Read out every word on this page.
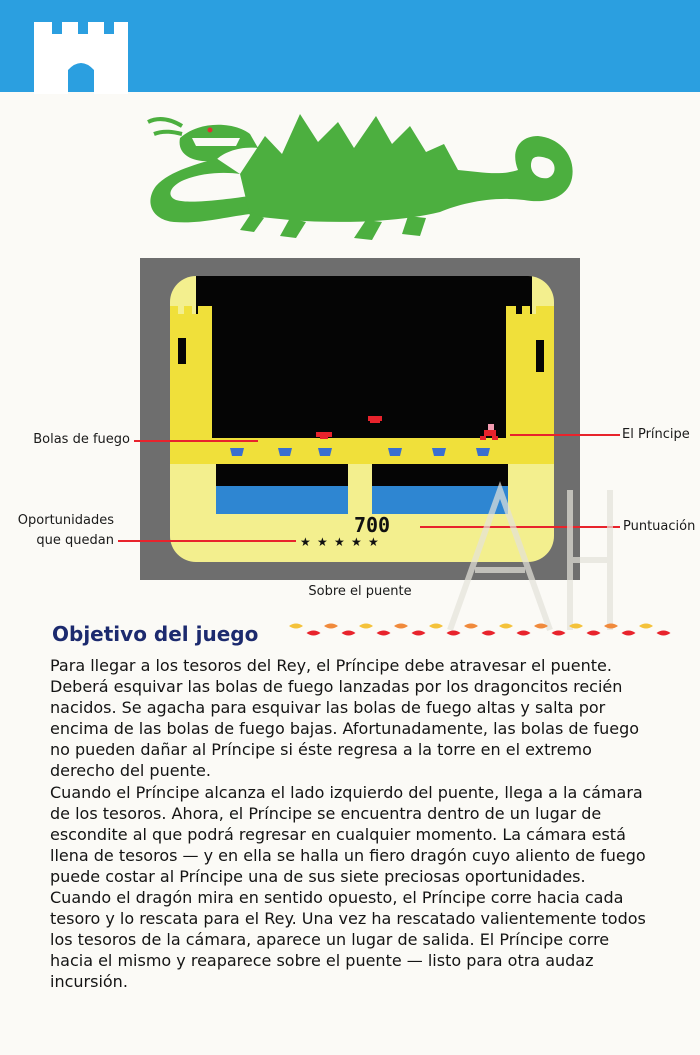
700
★ ★ ★ ★ ★
Bolas de fuego	El Príncipe
Oportunidades
que quedan
Puntuación
Sobre el puente
Objetivo del juego

Para llegar a los tesoros del Rey, el Príncipe debe atravesar el puente. Deberá esquivar las bolas de fuego lanzadas por los dragoncitos recién nacidos. Se agacha para esquivar las bolas de fuego altas y salta por encima de las bolas de fuego bajas. Afortunadamente, las bolas de fuego no pueden dañar al Príncipe si éste regresa a la torre en el extremo derecho del puente.

Cuando el Príncipe alcanza el lado izquierdo del puente, llega a la cámara de los tesoros. Ahora, el Príncipe se encuentra dentro de un lugar de escondite al que podrá regresar en cualquier momento. La cámara está llena de tesoros — y en ella se halla un fiero dragón cuyo aliento de fuego puede costar al Príncipe una de sus siete preciosas oportunidades.

Cuando el dragón mira en sentido opuesto, el Príncipe corre hacia cada tesoro y lo rescata para el Rey. Una vez ha rescatado valientemente todos los tesoros de la cámara, aparece un lugar de salida. El Príncipe corre hacia el mismo y reaparece sobre el puente — listo para otra audaz incursión.
